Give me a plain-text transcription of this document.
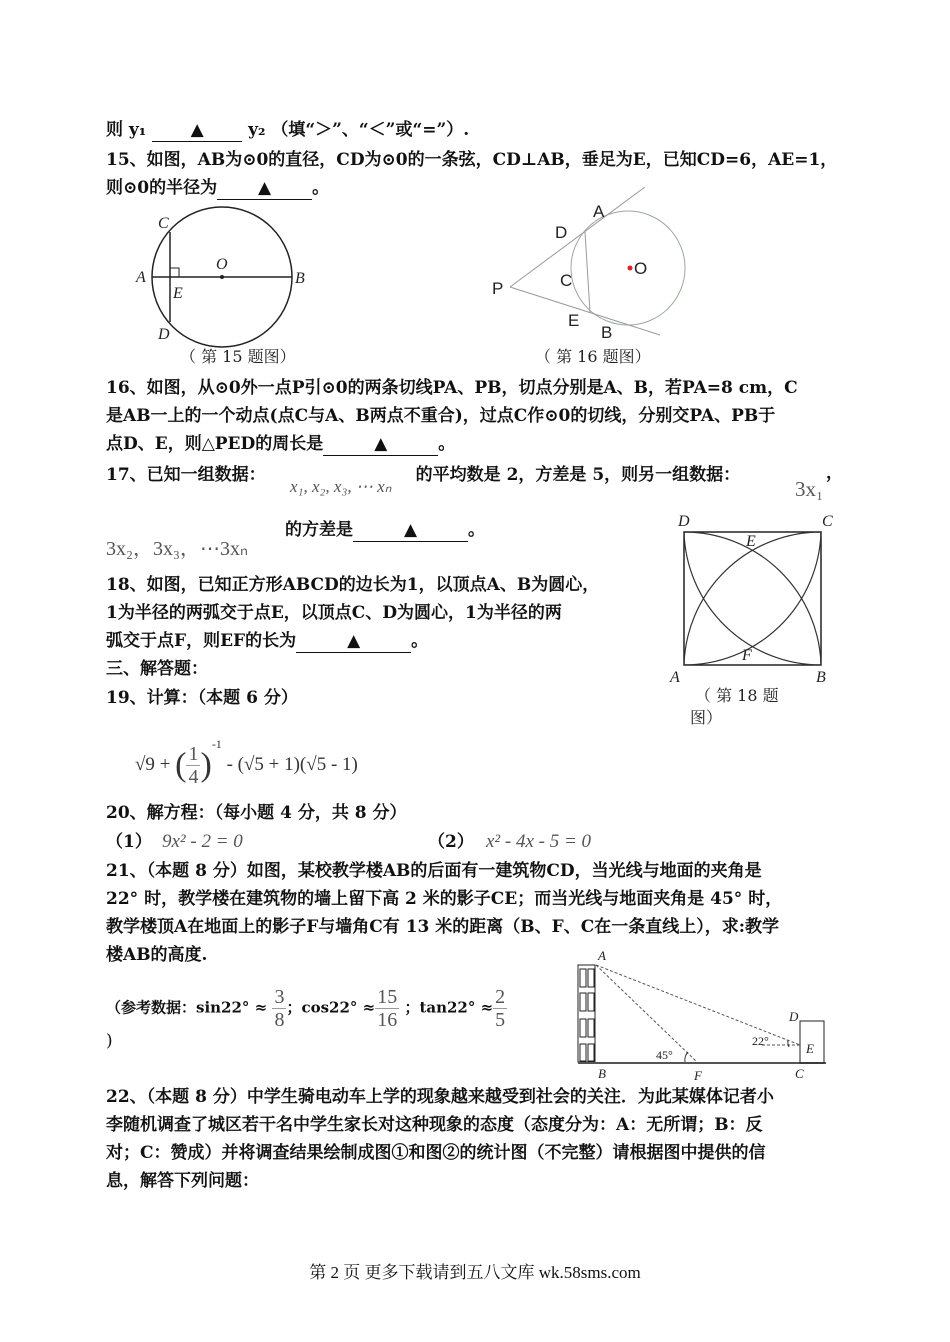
则 y₁ ▲ y₂ （填“＞”、“＜”或“=”）.
15、如图，AB为⊙0的直径，CD为⊙0的一条弦，CD⊥AB，垂足为E，已知CD=6，AE=1，
则⊙0的半径为 ▲ 。
C
A
E
O
B
D
（ 第 15 题图）
A
D
O
C
P
E
B
（ 第 16 题图）
16、如图，从⊙0外一点P引⊙0的两条切线PA、PB，切点分别是A、B，若PA=8 cm，C
是AB一上的一个动点(点C与A、B两点不重合)，过点C作⊙0的切线，分别交PA、PB于
点D、E，则△PED的周长是	▲	。
17、已知一组数据：	的平均数是 2，方差是 5，则另一组数据：
x₁, x₂, x₃, ⋯ xₙ	3x₁
，
3x₂，3x₃，⋯3xₙ
的方差是	▲	。	D	C
E
F
A	B
（ 第 18 题
图）
18、如图，已知正方形ABCD的边长为1，以顶点A、B为圆心，
1为半径的两弧交于点E，以顶点C、D为圆心，1为半径的两
弧交于点F，则EF的长为	▲	。
三、解答题：
19、计算：（本题 6 分）
√9 + ( $\frac{1}{4} )^{-1} - (√5 + 1)(√5 - 1)$
20、解方程：（每小题 4 分，共 8 分）
（1） 9x² - 2 = 0	（2） x² - 4x - 5 = 0
21、（本题 8 分）如图，某校教学楼AB的后面有一建筑物CD，当光线与地面的夹角是
22° 时，教学楼在建筑物的墙上留下高 2 米的影子CE；而当光线与地面夹角是 45° 时，
教学楼顶A在地面上的影子F与墙角C有 13 米的距离（B、F、C在一条直线上），求:教学
楼AB的高度.
（参考数据：$\sin 22^\circ \approx \frac{3}{8}$ ；$\cos 22^\circ \approx \frac{15}{16}$ ；$\tan 22^\circ \approx \frac{2}{5}$
)
A
B	F	C
D
E
45°
22°
22、（本题 8 分）中学生骑电动车上学的现象越来越受到社会的关注．为此某媒体记者小
李随机调查了城区若干名中学生家长对这种现象的态度（态度分为：A：无所谓；B：反
对；C：赞成）并将调查结果绘制成图①和图②的统计图（不完整）请根据图中提供的信
息，解答下列问题：
第 2 页 更多下载请到五八文库 wk.58sms.com
